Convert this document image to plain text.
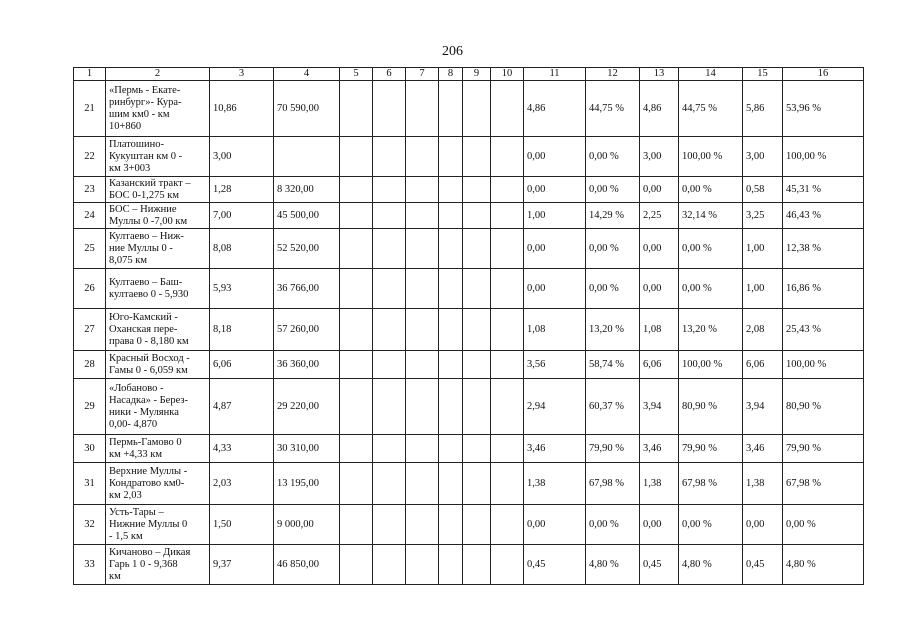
206
1	2	3	4	5	6	7	8	9	10	11	12	13	14	15	16
21	«Пермь - Екате-
ринбург»- Кура-
шим км0 - км
10+860	10,86	70 590,00							4,86	44,75 %	4,86	44,75 %	5,86	53,96 %
22	Платошино-
Кукуштан км 0 -
км 3+003	3,00								0,00	0,00 %	3,00	100,00 %	3,00	100,00 %
23	Казанский тракт –
БОС 0-1,275 км	1,28	8 320,00							0,00	0,00 %	0,00	0,00 %	0,58	45,31 %
24	БОС – Нижние
Муллы 0 -7,00 км	7,00	45 500,00							1,00	14,29 %	2,25	32,14 %	3,25	46,43 %
25	Култаево – Ниж-
ние Муллы 0 -
8,075 км	8,08	52 520,00							0,00	0,00 %	0,00	0,00 %	1,00	12,38 %
26	Култаево – Баш-
култаево 0 - 5,930	5,93	36 766,00							0,00	0,00 %	0,00	0,00 %	1,00	16,86 %
27	Юго-Камский -
Оханская пере-
права 0 - 8,180 км	8,18	57 260,00							1,08	13,20 %	1,08	13,20 %	2,08	25,43 %
28	Красный Восход -
Гамы 0 - 6,059 км	6,06	36 360,00							3,56	58,74 %	6,06	100,00 %	6,06	100,00 %
29	«Лобаново -
Насадка» - Берез-
ники - Мулянка
0,00- 4,870	4,87	29 220,00							2,94	60,37 %	3,94	80,90 %	3,94	80,90 %
30	Пермь-Гамово 0
км +4,33 км	4,33	30 310,00							3,46	79,90 %	3,46	79,90 %	3,46	79,90 %
31	Верхние Муллы -
Кондратово км0-
км 2,03	2,03	13 195,00							1,38	67,98 %	1,38	67,98 %	1,38	67,98 %
32	Усть-Тары –
Нижние Муллы 0
- 1,5 км	1,50	9 000,00							0,00	0,00 %	0,00	0,00 %	0,00	0,00 %
33	Кичаново – Дикая
Гарь 1 0 - 9,368
км	9,37	46 850,00							0,45	4,80 %	0,45	4,80 %	0,45	4,80 %
